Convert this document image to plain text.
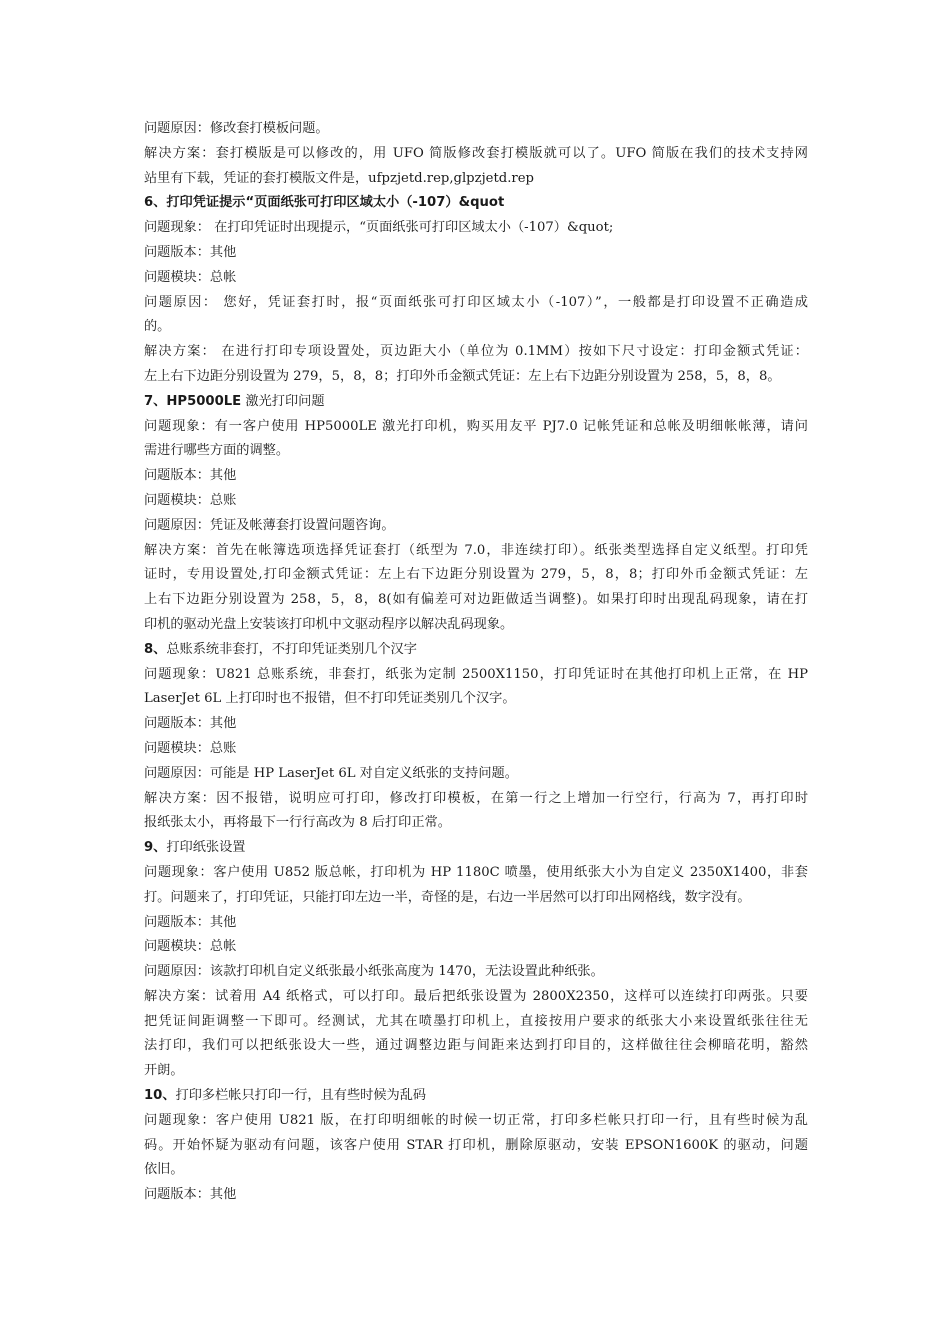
问题原因：修改套打模板问题。
解决方案：套打模版是可以修改的，用 UFO 简版修改套打模版就可以了。UFO 简版在我们的技术支持网
站里有下载，凭证的套打模版文件是，ufpzjetd.rep,glpzjetd.rep
6、打印凭证提示“页面纸张可打印区域太小（-107）&quot
问题现象： 在打印凭证时出现提示，“页面纸张可打印区域太小（-107）&quot;
问题版本：其他
问题模块：总帐
问题原因： 您好，凭证套打时，报“页面纸张可打印区域太小（-107）”，一般都是打印设置不正确造成
的。
解决方案： 在进行打印专项设置处，页边距大小（单位为 0.1MM）按如下尺寸设定：打印金额式凭证：
左上右下边距分别设置为 279，5，8，8；打印外币金额式凭证：左上右下边距分别设置为 258，5，8，8。
7、HP5000LE 激光打印问题
问题现象：有一客户使用 HP5000LE 激光打印机，购买用友平 PJ7.0 记帐凭证和总帐及明细帐帐薄，请问
需进行哪些方面的调整。
问题版本：其他
问题模块：总账
问题原因：凭证及帐薄套打设置问题咨询。
解决方案：首先在帐簿选项选择凭证套打（纸型为 7.0，非连续打印）。纸张类型选择自定义纸型。打印凭
证时，专用设置处,打印金额式凭证：左上右下边距分别设置为 279，5，8，8；打印外币金额式凭证：左
上右下边距分别设置为 258，5，8，8(如有偏差可对边距做适当调整)。如果打印时出现乱码现象，请在打
印机的驱动光盘上安装该打印机中文驱动程序以解决乱码现象。
8、总账系统非套打，不打印凭证类别几个汉字
问题现象：U821 总账系统，非套打，纸张为定制 2500X1150，打印凭证时在其他打印机上正常，在 HP
LaserJet 6L 上打印时也不报错，但不打印凭证类别几个汉字。
问题版本：其他
问题模块：总账
问题原因：可能是 HP LaserJet 6L 对自定义纸张的支持问题。
解决方案：因不报错，说明应可打印，修改打印模板，在第一行之上增加一行空行，行高为 7，再打印时
报纸张太小，再将最下一行行高改为 8 后打印正常。
9、打印纸张设置
问题现象：客户使用 U852 版总帐，打印机为 HP 1180C 喷墨，使用纸张大小为自定义 2350X1400，非套
打。问题来了，打印凭证，只能打印左边一半，奇怪的是，右边一半居然可以打印出网格线，数字没有。
问题版本：其他
问题模块：总帐
问题原因：该款打印机自定义纸张最小纸张高度为 1470，无法设置此种纸张。
解决方案：试着用 A4 纸格式，可以打印。最后把纸张设置为 2800X2350，这样可以连续打印两张。只要
把凭证间距调整一下即可。经测试，尤其在喷墨打印机上，直接按用户要求的纸张大小来设置纸张往往无
法打印，我们可以把纸张设大一些，通过调整边距与间距来达到打印目的，这样做往往会柳暗花明，豁然
开朗。
10、打印多栏帐只打印一行，且有些时候为乱码
问题现象：客户使用 U821 版，在打印明细帐的时候一切正常，打印多栏帐只打印一行，且有些时候为乱
码。开始怀疑为驱动有问题，该客户使用 STAR 打印机，删除原驱动，安装 EPSON1600K 的驱动，问题
依旧。
问题版本：其他
